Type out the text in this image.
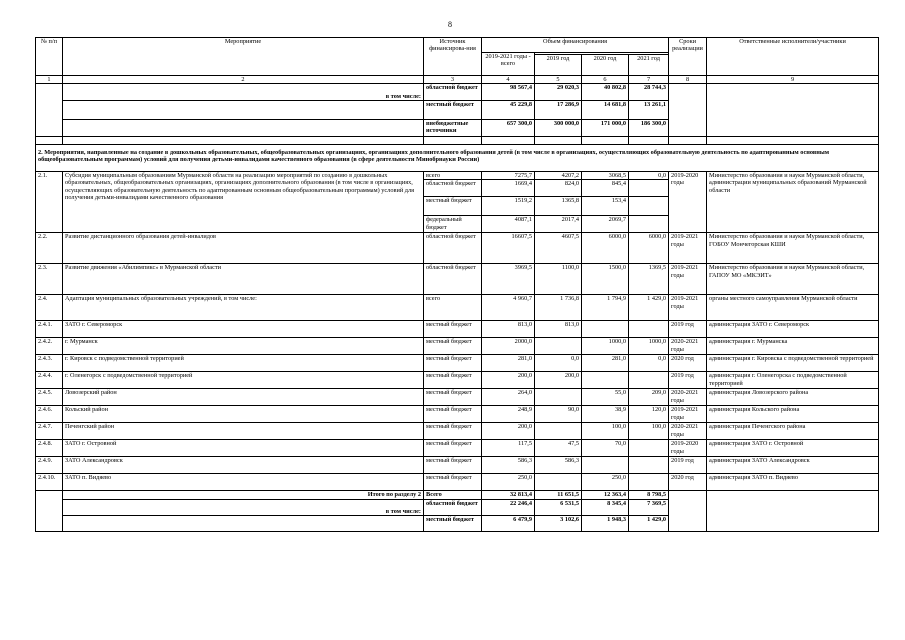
8
№ п/п	Мероприятие	Источник финансирова-ния	Объем финансирования				Сроки реализации	Ответственные исполнители/участники
			2019-2021 годы - всего					
				2019 год	2020 год	2021 год		
1	2	3	4	5	6	7	8	9
	в том числе:	областной бюджет	98 567,4	29 020,3	40 802,8	28 744,3		
		местный бюджет	45 229,8	17 286,9	14 681,8	13 261,1		
		внебюджетные источники	657 300,0	300 000,0	171 000,0	186 300,0		

2. Мероприятия, направленные на создание в дошкольных образовательных, общеобразовательных организациях, организациях дополнительного образования детей (в том числе в организациях, осуществляющих образовательную деятельность по адаптированным основным общеобразовательным программам) условий для получения детьми-инвалидами качественного образования (в сфере деятельности Минобрнауки России)								
2.1.	Субсидия муниципальным образованиям Мурманской области на реализацию мероприятий по созданию в дошкольных образовательных, общеобразовательных организациях, организациях дополнительного образования (в том числе в организациях, осуществляющих образовательную деятельность по адаптированным основным общеобразовательным программам) условий для получения детьми-инвалидами качественного образования	всего	7275,7	4207,2	3068,5	0,0	2019-2020 годы	Министерство образования и науки Мурманской области, администрации муниципальных образований Мурманской области
		областной бюджет	1669,4	824,0	845,4			
		местный бюджет	1519,2	1365,8	153,4			
		федеральный бюджет	4087,1	2017,4	2069,7			
2.2.	Развитие дистанционного образования детей-инвалидов	областной бюджет	16607,5	4607,5	6000,0	6000,0	2019-2021 годы	Министерство образования и науки Мурманской области, ГОБОУ Мончегорская КШИ
2.3.	Развитие движения «Абилимпикс» в Мурманской области	областной бюджет	3969,5	1100,0	1500,0	1369,5	2019-2021 годы	Министерство образования и науки Мурманской области, ГАПОУ МО «МКЭИТ»
2.4.	Адаптация муниципальных образовательных учреждений, в том числе:	всего	4 960,7	1 736,8	1 794,9	1 429,0	2019-2021 годы	органы местного самоуправления Мурманской области
2.4.1.	ЗАТО г. Североморск	местный бюджет	813,0	813,0			2019 год	администрация ЗАТО г. Североморск
2.4.2.	г. Мурманск	местный бюджет	2000,0		1000,0	1000,0	2020-2021 годы	администрация г. Мурманска
2.4.3.	г. Кировск с подведомственной территорией	местный бюджет	281,0	0,0	281,0	0,0	2020 год	администрация г. Кировска с подведомственной территорией
2.4.4.	г. Оленегорск с подведомственной территорией	местный бюджет	200,0	200,0			2019 год	администрация г. Оленегорска с подведомственной территорией
2.4.5.	Ловозерский район	местный бюджет	264,0		55,0	209,0	2020-2021 годы	администрация Ловозерского района
2.4.6.	Кольский район	местный бюджет	248,9	90,0	38,9	120,0	2019-2021 годы	администрация Кольского района
2.4.7.	Печенгский район	местный бюджет	200,0		100,0	100,0	2020-2021 годы	администрация Печенгского района
2.4.8.	ЗАТО г. Островной	местный бюджет	117,5	47,5	70,0		2019-2020 годы	администрация ЗАТО г. Островной
2.4.9.	ЗАТО Александровск	местный бюджет	586,3	586,3			2019 год	администрация ЗАТО Александровск
2.4.10.	ЗАТО п. Видяево	местный бюджет	250,0		250,0		2020 год	администрация ЗАТО п. Видяево
	Итого по разделу 2	Всего	32 813,4	11 651,5	12 363,4	8 798,5		
	в том числе:	областной бюджет	22 246,4	6 531,5	8 345,4	7 369,5		
		местный бюджет	6 479,9	3 102,6	1 948,3	1 429,0		
